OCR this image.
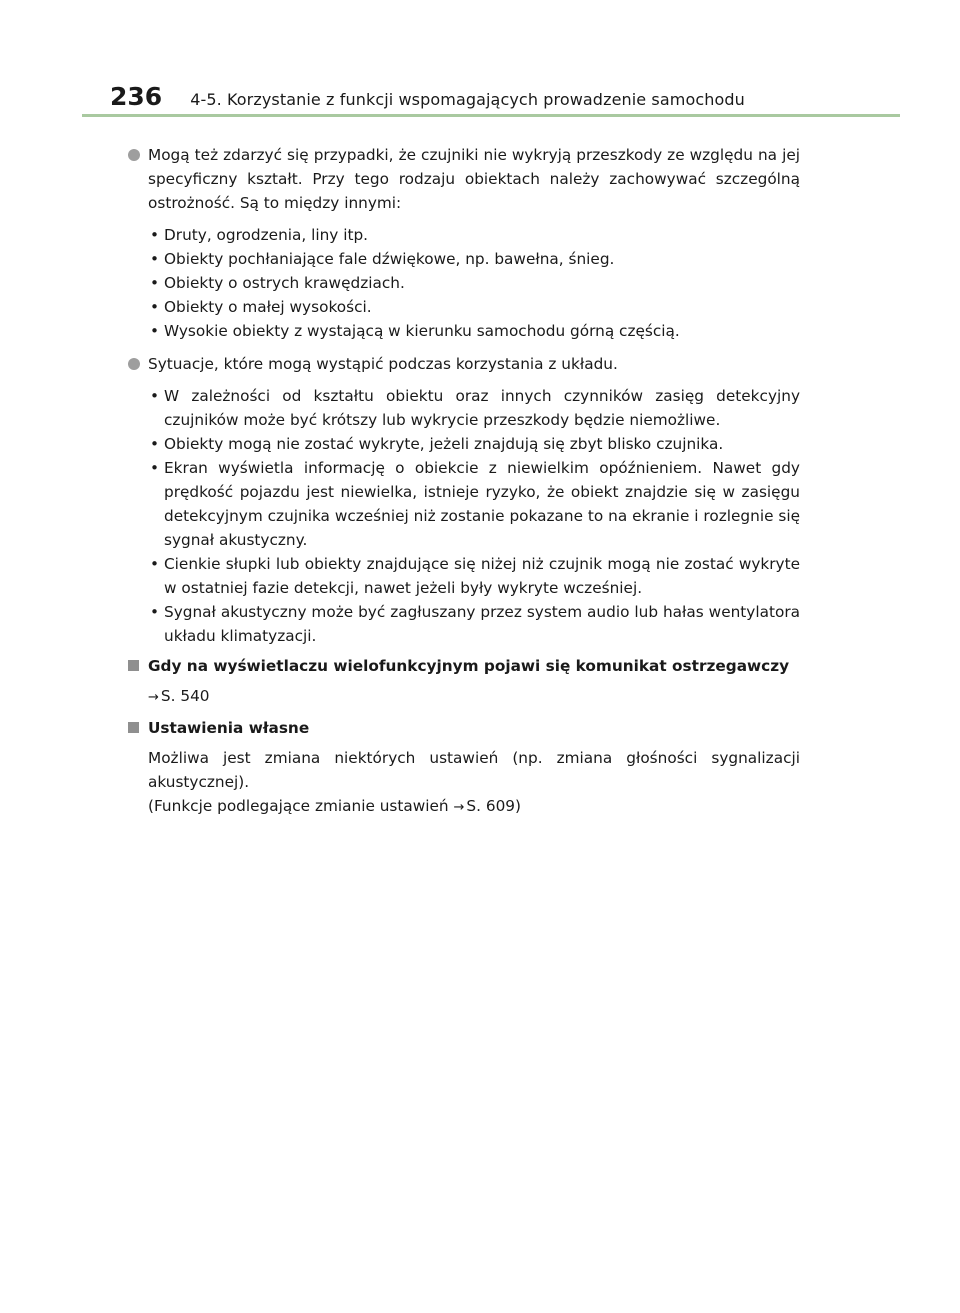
236 4-5. Korzystanie z funkcji wspomagających prowadzenie samochodu

Mogą też zdarzyć się przypadki, że czujniki nie wykryją przeszkody ze względu na jej specyficzny kształt. Przy tego rodzaju obiektach należy zachowywać szczególną ostrożność. Są to między innymi:

• Druty, ogrodzenia, liny itp.
• Obiekty pochłaniające fale dźwiękowe, np. bawełna, śnieg.
• Obiekty o ostrych krawędziach.
• Obiekty o małej wysokości.
• Wysokie obiekty z wystającą w kierunku samochodu górną częścią.

Sytuacje, które mogą wystąpić podczas korzystania z układu.

• W zależności od kształtu obiektu oraz innych czynników zasięg detekcyjny czujników może być krótszy lub wykrycie przeszkody będzie niemożliwe.
• Obiekty mogą nie zostać wykryte, jeżeli znajdują się zbyt blisko czujnika.
• Ekran wyświetla informację o obiekcie z niewielkim opóźnieniem. Nawet gdy prędkość pojazdu jest niewielka, istnieje ryzyko, że obiekt znajdzie się w zasięgu detekcyjnym czujnika wcześniej niż zostanie pokazane to na ekranie i rozlegnie się sygnał akustyczny.
• Cienkie słupki lub obiekty znajdujące się niżej niż czujnik mogą nie zostać wykryte w ostatniej fazie detekcji, nawet jeżeli były wykryte wcześniej.
• Sygnał akustyczny może być zagłuszany przez system audio lub hałas wentylatora układu klimatyzacji.

Gdy na wyświetlaczu wielofunkcyjnym pojawi się komunikat ostrzegawczy

→ S. 540

Ustawienia własne

Możliwa jest zmiana niektórych ustawień (np. zmiana głośności sygnalizacji akustycznej).

(Funkcje podlegające zmianie ustawień → S. 609)
